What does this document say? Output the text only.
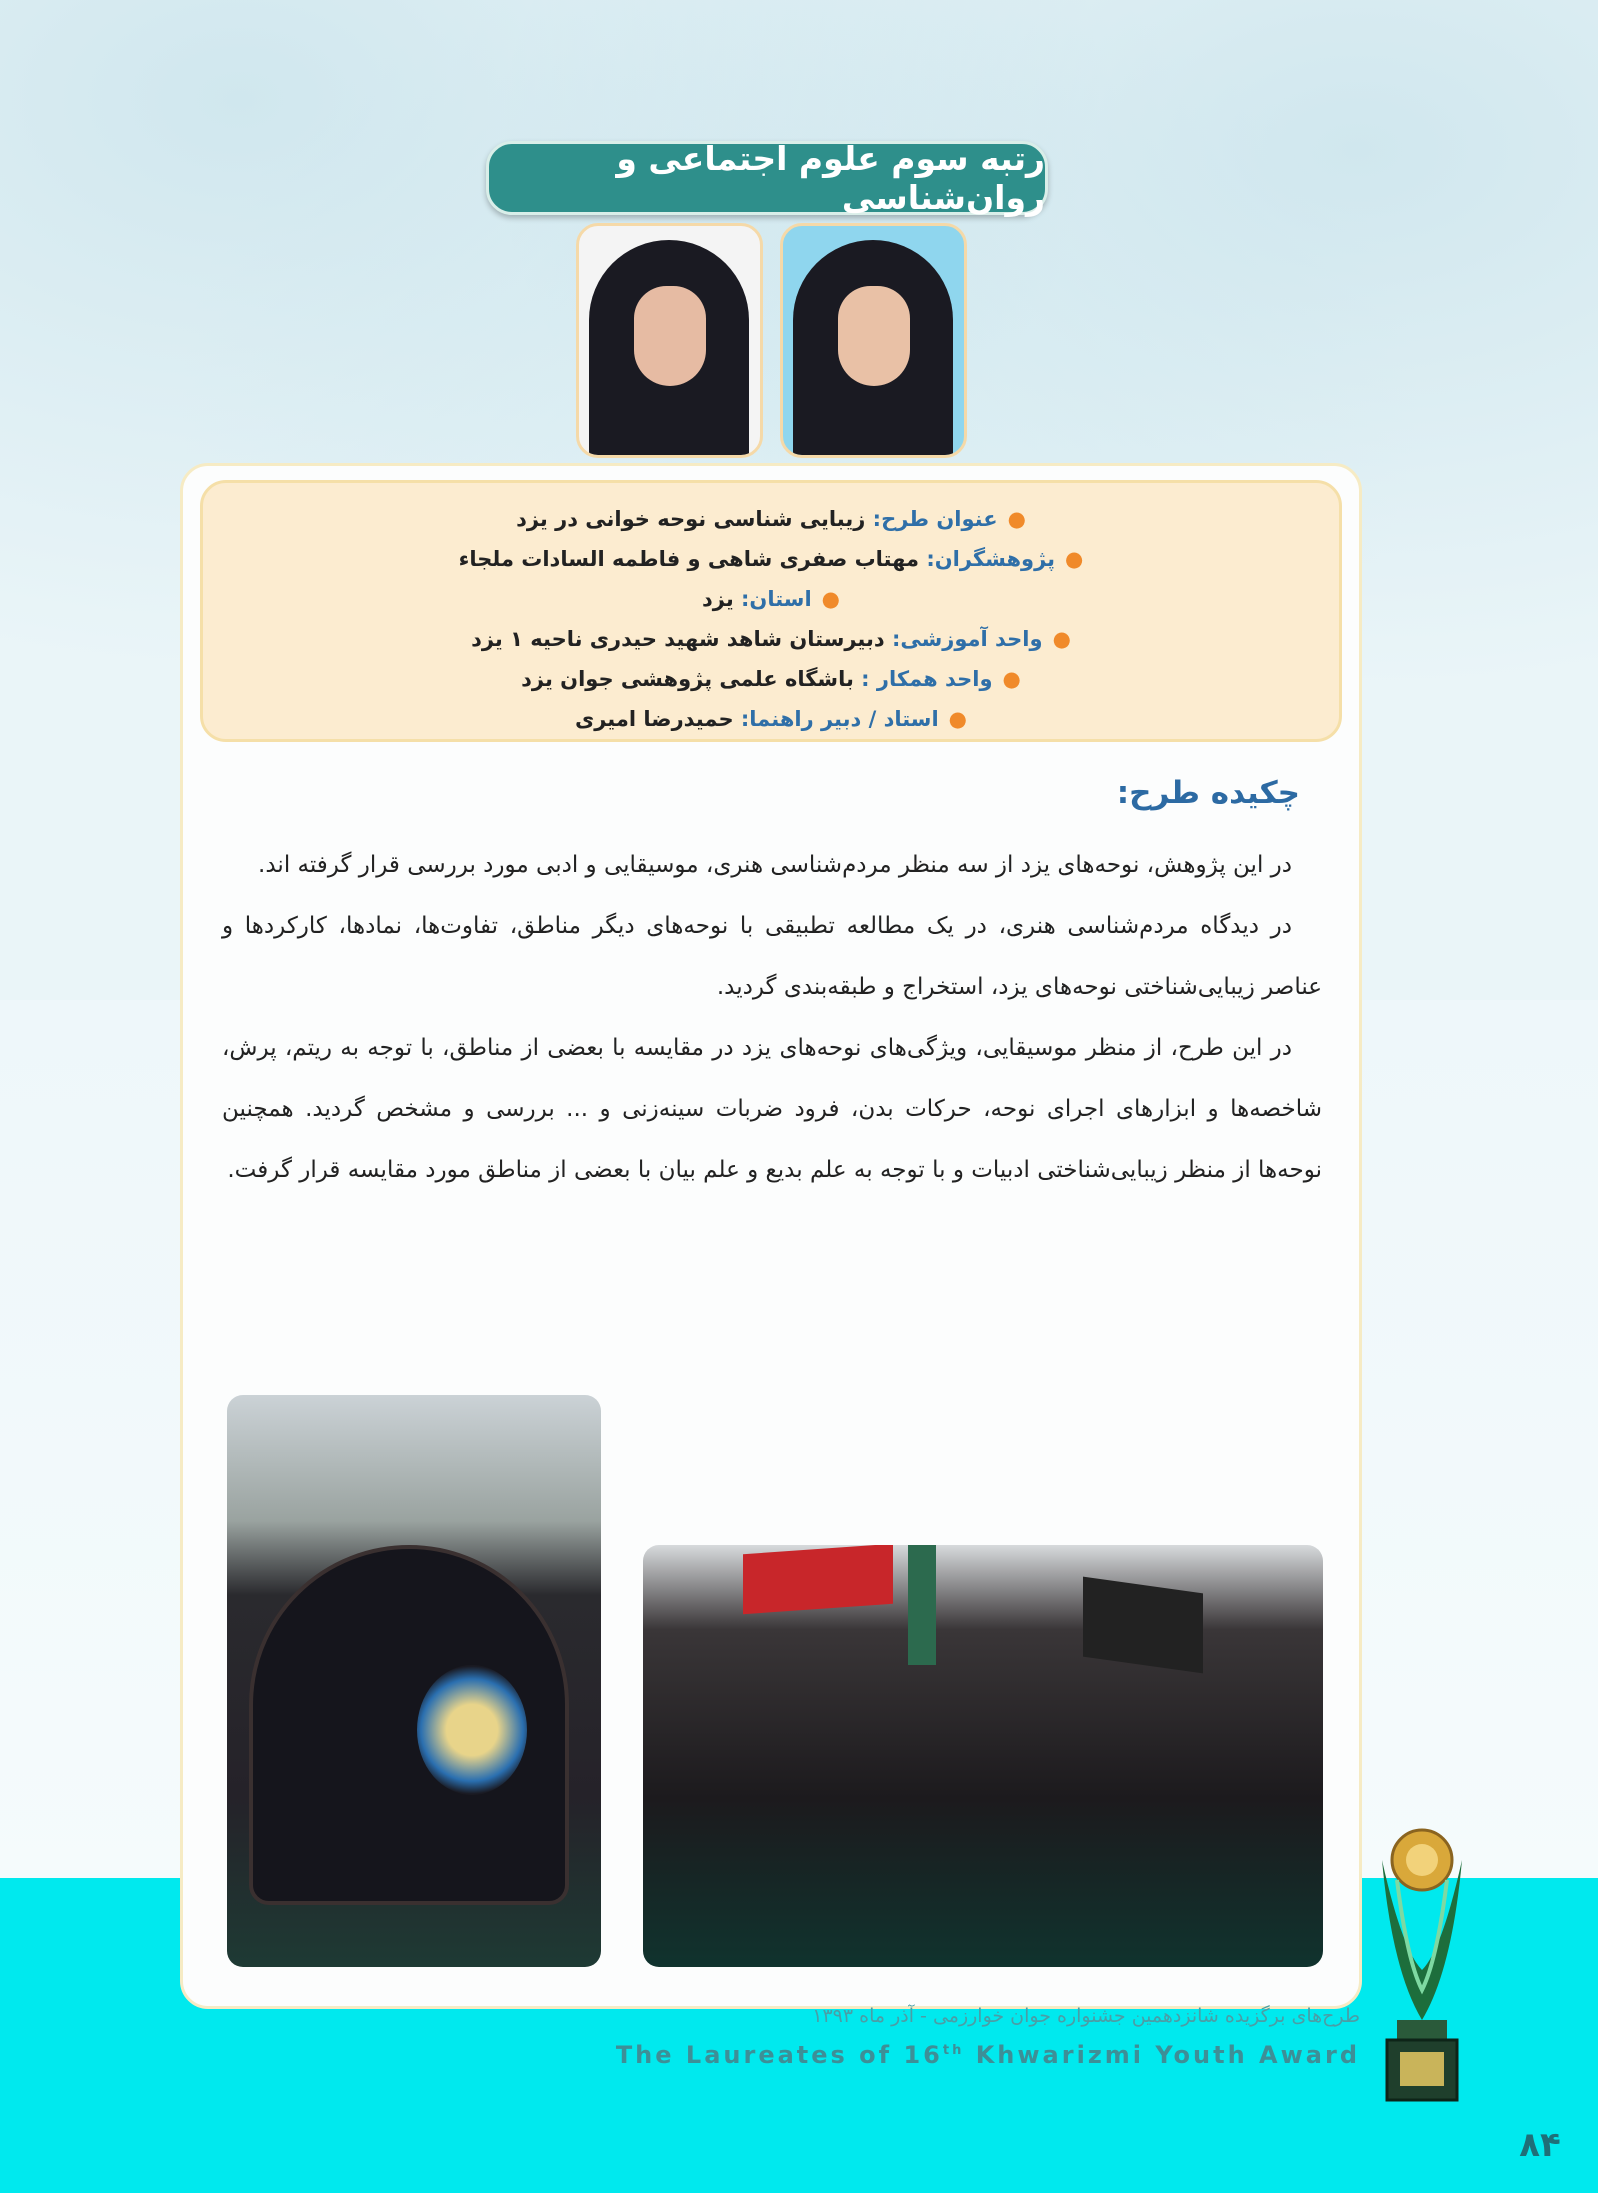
رتبه سوم علوم اجتماعی و روان‌شناسی
●عنوان طرح: زیبایی شناسی نوحه خوانی در یزد
●پژوهشگران: مهتاب صفری شاهی و فاطمه السادات ملجاء
●استان: یزد
●واحد آموزشی: دبیرستان شاهد شهید حیدری ناحیه ۱ یزد
●واحد همکار : باشگاه علمی پژوهشی جوان یزد
●استاد / دبیر راهنما: حمیدرضا امیری
چکیده طرح:

در این پژوهش، نوحه‌های یزد از سه منظر مردم‌شناسی هنری، موسیقایی و ادبی مورد بررسی قرار گرفته اند.

در دیدگاه مردم‌شناسی هنری، در یک مطالعه تطبیقی با نوحه‌های دیگر مناطق، تفاوت‌ها، نمادها، کارکردها و عناصر زیبایی‌شناختی نوحه‌های یزد، استخراج و طبقه‌بندی گردید.

در این طرح، از منظر موسیقایی، ویژگی‌های نوحه‌های یزد در مقایسه با بعضی از مناطق، با توجه به ریتم، پرش، شاخصه‌ها و ابزارهای اجرای نوحه، حرکات بدن، فرود ضربات سینه‌زنی و ... بررسی و مشخص گردید. همچنین نوحه‌ها از منظر زیبایی‌شناختی ادبیات و با توجه به علم بدیع و علم بیان با بعضی از مناطق مورد مقایسه قرار گرفت.

طرح‌های برگزیده شانزدهمین جشنواره جوان خوارزمی - آذر ماه ۱۳۹۳
The Laureates of 16th Khwarizmi Youth Award
۸۴
